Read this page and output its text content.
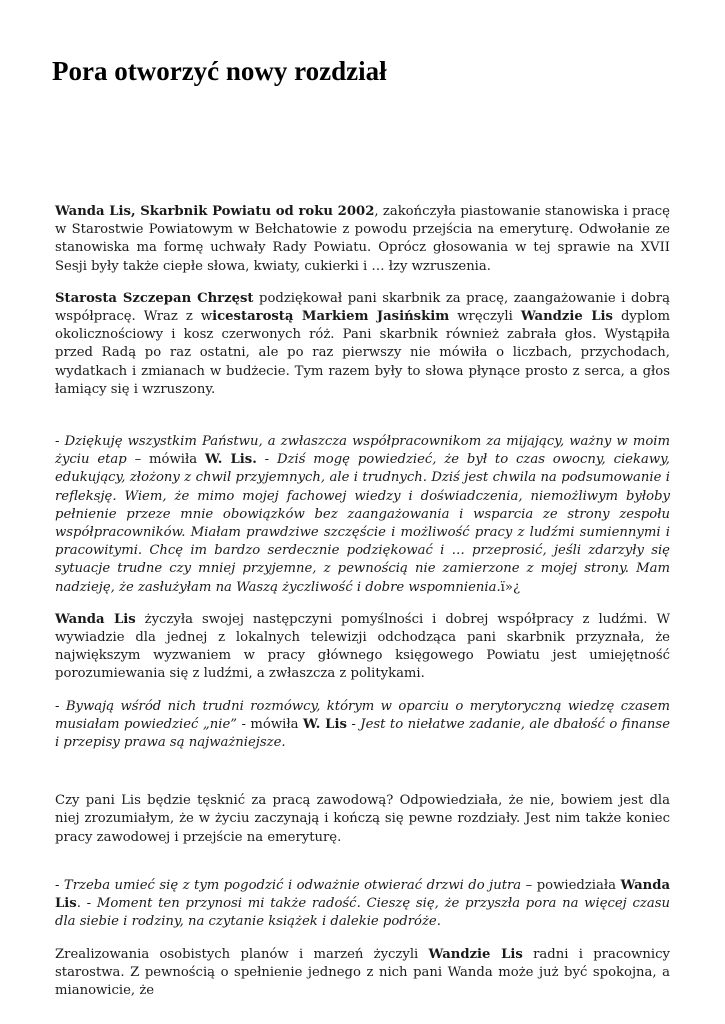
Pora otworzyć nowy rozdział

Wanda Lis, Skarbnik Powiatu od roku 2002, zakończyła piastowanie stanowiska i pracę w Starostwie Powiatowym w Bełchatowie z powodu przejścia na emeryturę. Odwołanie ze stanowiska ma formę uchwały Rady Powiatu. Oprócz głosowania w tej sprawie na XVII Sesji były także ciepłe słowa, kwiaty, cukierki i … łzy wzruszenia.

Starosta Szczepan Chrzęst podziękował pani skarbnik za pracę, zaangażowanie i dobrą współpracę. Wraz z wicestarostą Markiem Jasińskim wręczyli Wandzie Lis dyplom okolicznościowy i kosz czerwonych róż. Pani skarbnik również zabrała głos. Wystąpiła przed Radą po raz ostatni, ale po raz pierwszy nie mówiła o liczbach, przychodach, wydatkach i zmianach w budżecie. Tym razem były to słowa płynące prosto z serca, a głos łamiący się i wzruszony.

- Dziękuję wszystkim Państwu, a zwłaszcza współpracownikom za mijający, ważny w moim życiu etap – mówiła W. Lis. - Dziś mogę powiedzieć, że był to czas owocny, ciekawy, edukujący, złożony z chwil przyjemnych, ale i trudnych. Dziś jest chwila na podsumowanie i refleksję. Wiem, że mimo mojej fachowej wiedzy i doświadczenia, niemożliwym byłoby pełnienie przeze mnie obowiązków bez zaangażowania i wsparcia ze strony zespołu współpracowników. Miałam prawdziwe szczęście i możliwość pracy z ludźmi sumiennymi i pracowitymi. Chcę im bardzo serdecznie podziękować i … przeprosić, jeśli zdarzyły się sytuacje trudne czy mniej przyjemne, z pewnością nie zamierzone z mojej strony. Mam nadzieję, że zasłużyłam na Waszą życzliwość i dobre wspomnienia.ï»¿

Wanda Lis życzyła swojej następczyni pomyślności i dobrej współpracy z ludźmi. W wywiadzie dla jednej z lokalnych telewizji odchodząca pani skarbnik przyznała, że największym wyzwaniem w pracy głównego księgowego Powiatu jest umiejętność porozumiewania się z ludźmi, a zwłaszcza z politykami.

- Bywają wśród nich trudni rozmówcy, którym w oparciu o merytoryczną wiedzę czasem musiałam powiedzieć „nie” - mówiła W. Lis - Jest to niełatwe zadanie, ale dbałość o finanse i przepisy prawa są najważniejsze.

Czy pani Lis będzie tęsknić za pracą zawodową? Odpowiedziała, że nie, bowiem jest dla niej zrozumiałym, że w życiu zaczynają i kończą się pewne rozdziały. Jest nim także koniec pracy zawodowej i przejście na emeryturę.

- Trzeba umieć się z tym pogodzić i odważnie otwierać drzwi do jutra – powiedziała Wanda Lis. - Moment ten przynosi mi także radość. Cieszę się, że przyszła pora na więcej czasu dla siebie i rodziny, na czytanie książek i dalekie podróże.

Zrealizowania osobistych planów i marzeń życzyli Wandzie Lis radni i pracownicy starostwa. Z pewnością o spełnienie jednego z nich pani Wanda może już być spokojna, a mianowicie, że
